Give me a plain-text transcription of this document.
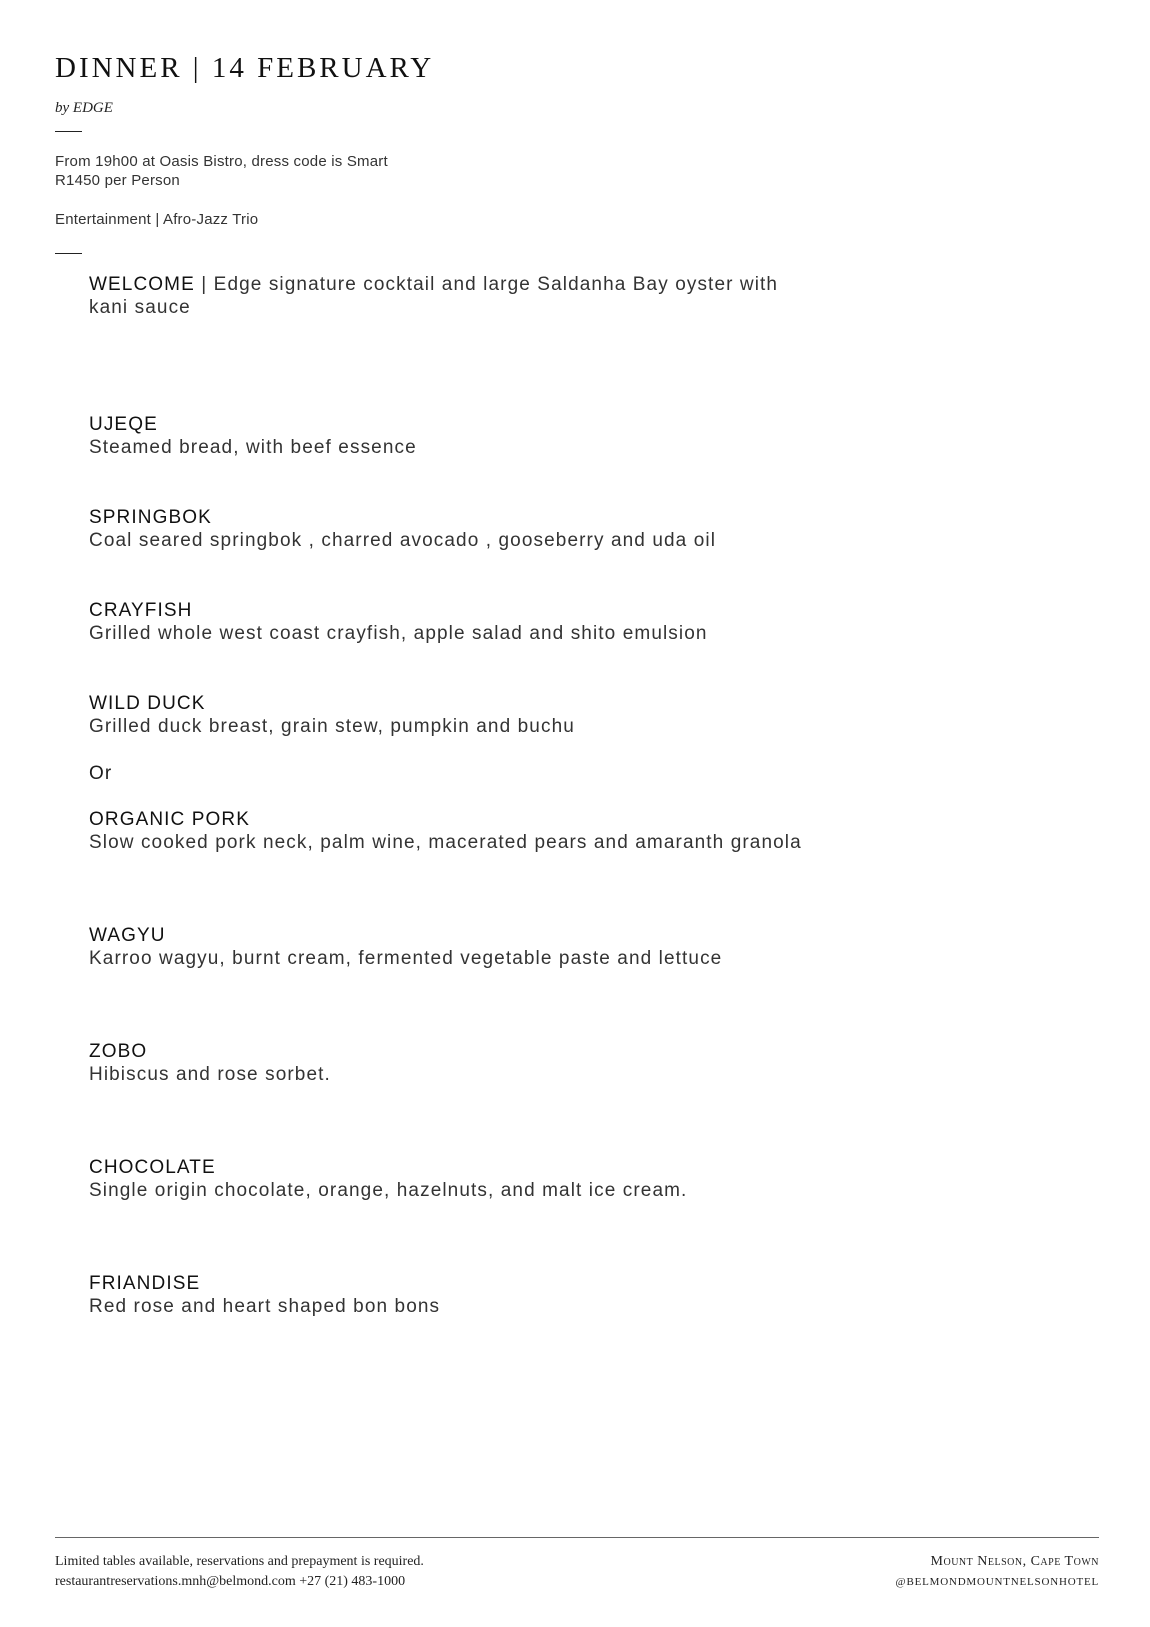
DINNER | 14 FEBRUARY
by EDGE
From 19h00 at Oasis Bistro, dress code is Smart
R1450 per Person
Entertainment | Afro-Jazz Trio
WELCOME | Edge signature cocktail and large Saldanha Bay oyster with kani sauce
UJEQE
Steamed bread, with beef essence
SPRINGBOK
Coal seared springbok , charred avocado , gooseberry and uda oil
CRAYFISH
Grilled whole west coast crayfish, apple salad and shito emulsion
WILD DUCK
Grilled duck breast, grain stew, pumpkin and buchu
Or
ORGANIC PORK
Slow cooked pork neck, palm wine, macerated pears and amaranth granola
WAGYU
Karroo wagyu, burnt cream, fermented vegetable paste and lettuce
ZOBO
Hibiscus and rose sorbet.
CHOCOLATE
Single origin chocolate, orange, hazelnuts, and malt ice cream.
FRIANDISE
Red rose and heart shaped bon bons
Limited tables available, reservations and prepayment is required.
restaurantreservations.mnh@belmond.com +27 (21) 483-1000
Mount Nelson, Cape Town
@BELMONDMOUNTNELSONHOTEL
